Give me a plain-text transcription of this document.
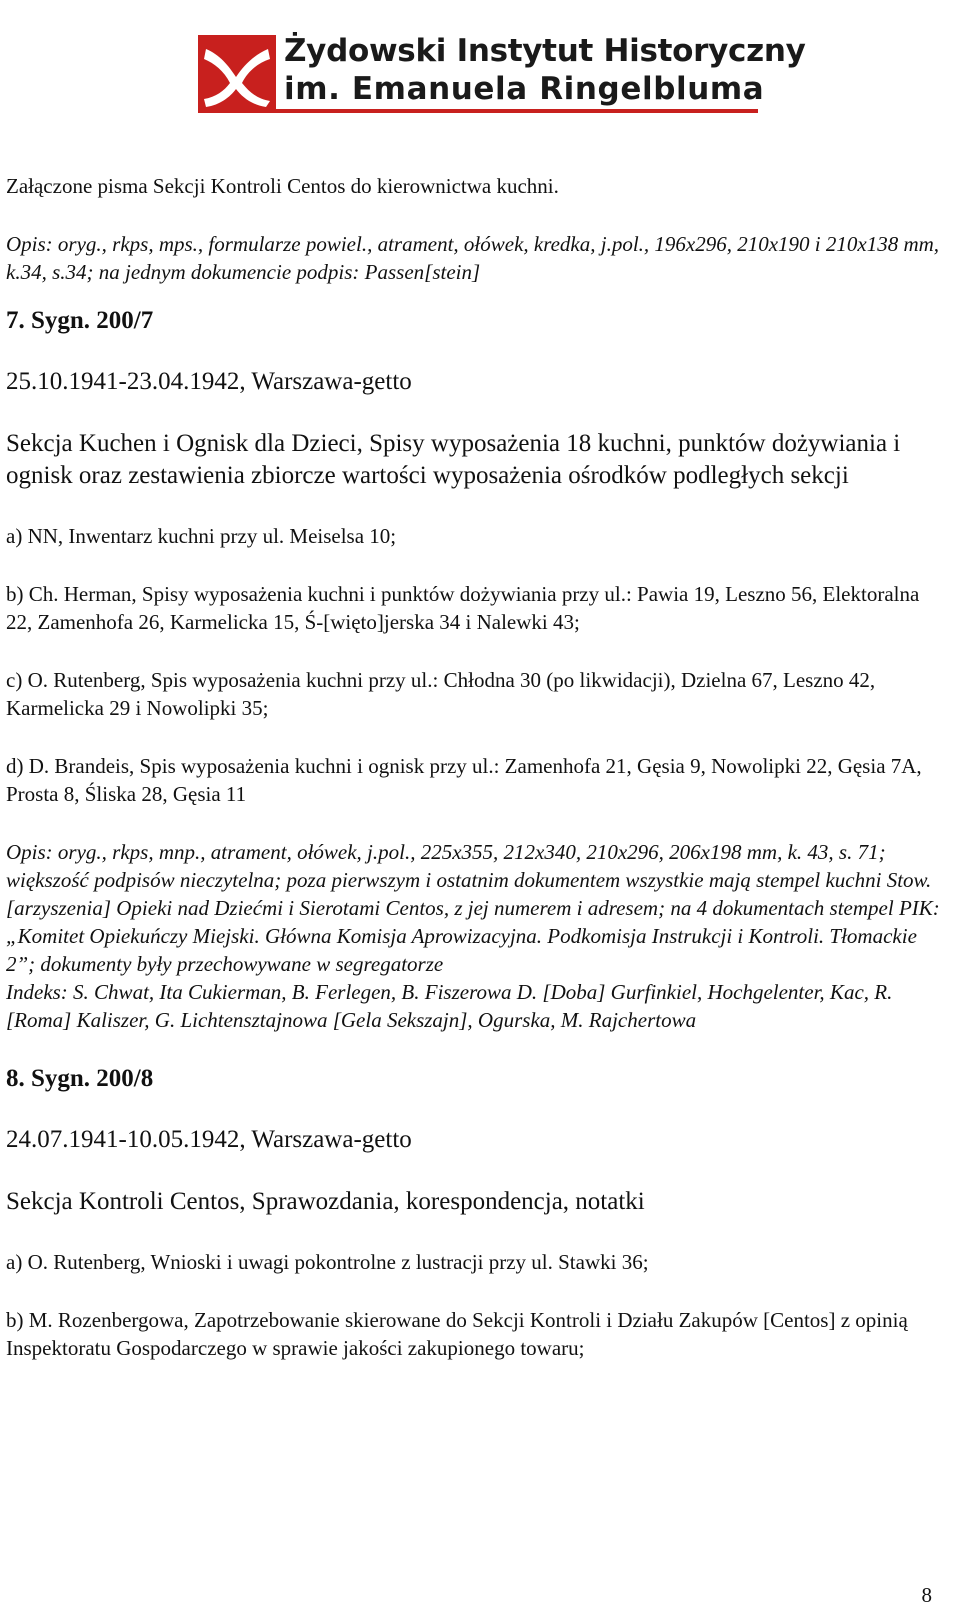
Żydowski Instytut Historyczny
im. Emanuela Ringelbluma

Załączone pisma Sekcji Kontroli Centos do kierownictwa kuchni.

Opis: oryg., rkps, mps., formularze powiel., atrament, ołówek, kredka, j.pol., 196x296, 210x190 i 210x138 mm, k.34, s.34; na jednym dokumencie podpis: Passen[stein]

7. Sygn. 200/7

25.10.1941-23.04.1942, Warszawa-getto

Sekcja Kuchen i Ognisk dla Dzieci, Spisy wyposażenia 18 kuchni, punktów dożywiania i ognisk oraz zestawienia zbiorcze wartości wyposażenia ośrodków podległych sekcji

a) NN, Inwentarz kuchni przy ul. Meiselsa 10;

b) Ch. Herman, Spisy wyposażenia kuchni i punktów dożywiania przy ul.: Pawia 19, Leszno 56, Elektoralna 22, Zamenhofa 26, Karmelicka 15, Ś-[więto]jerska 34 i Nalewki 43;

c) O. Rutenberg, Spis wyposażenia kuchni przy ul.: Chłodna 30 (po likwidacji), Dzielna 67, Leszno 42, Karmelicka 29 i Nowolipki 35;

d) D. Brandeis, Spis wyposażenia kuchni i ognisk przy ul.: Zamenhofa 21, Gęsia 9, Nowolipki 22, Gęsia 7A, Prosta 8, Śliska 28, Gęsia 11

Opis: oryg., rkps, mnp., atrament, ołówek, j.pol., 225x355, 212x340, 210x296, 206x198 mm, k. 43, s. 71; większość podpisów nieczytelna; poza pierwszym i ostatnim dokumentem wszystkie mają stempel kuchni Stow.[arzyszenia] Opieki nad Dziećmi i Sierotami Centos, z jej numerem i adresem; na 4 dokumentach stempel PIK: „Komitet Opiekuńczy Miejski. Główna Komisja Aprowizacyjna. Podkomisja Instrukcji i Kontroli. Tłomackie 2”; dokumenty były przechowywane w segregatorze

Indeks: S. Chwat, Ita Cukierman, B. Ferlegen, B. Fiszerowa D. [Doba] Gurfinkiel, Hochgelenter, Kac, R. [Roma] Kaliszer, G. Lichtensztajnowa [Gela Sekszajn], Ogurska, M. Rajchertowa

8. Sygn. 200/8

24.07.1941-10.05.1942, Warszawa-getto

Sekcja Kontroli Centos, Sprawozdania, korespondencja, notatki

a) O. Rutenberg, Wnioski i uwagi pokontrolne z lustracji przy ul. Stawki 36;

b) M. Rozenbergowa, Zapotrzebowanie skierowane do Sekcji Kontroli i Działu Zakupów [Centos] z opinią Inspektoratu Gospodarczego w sprawie jakości zakupionego towaru;

8
